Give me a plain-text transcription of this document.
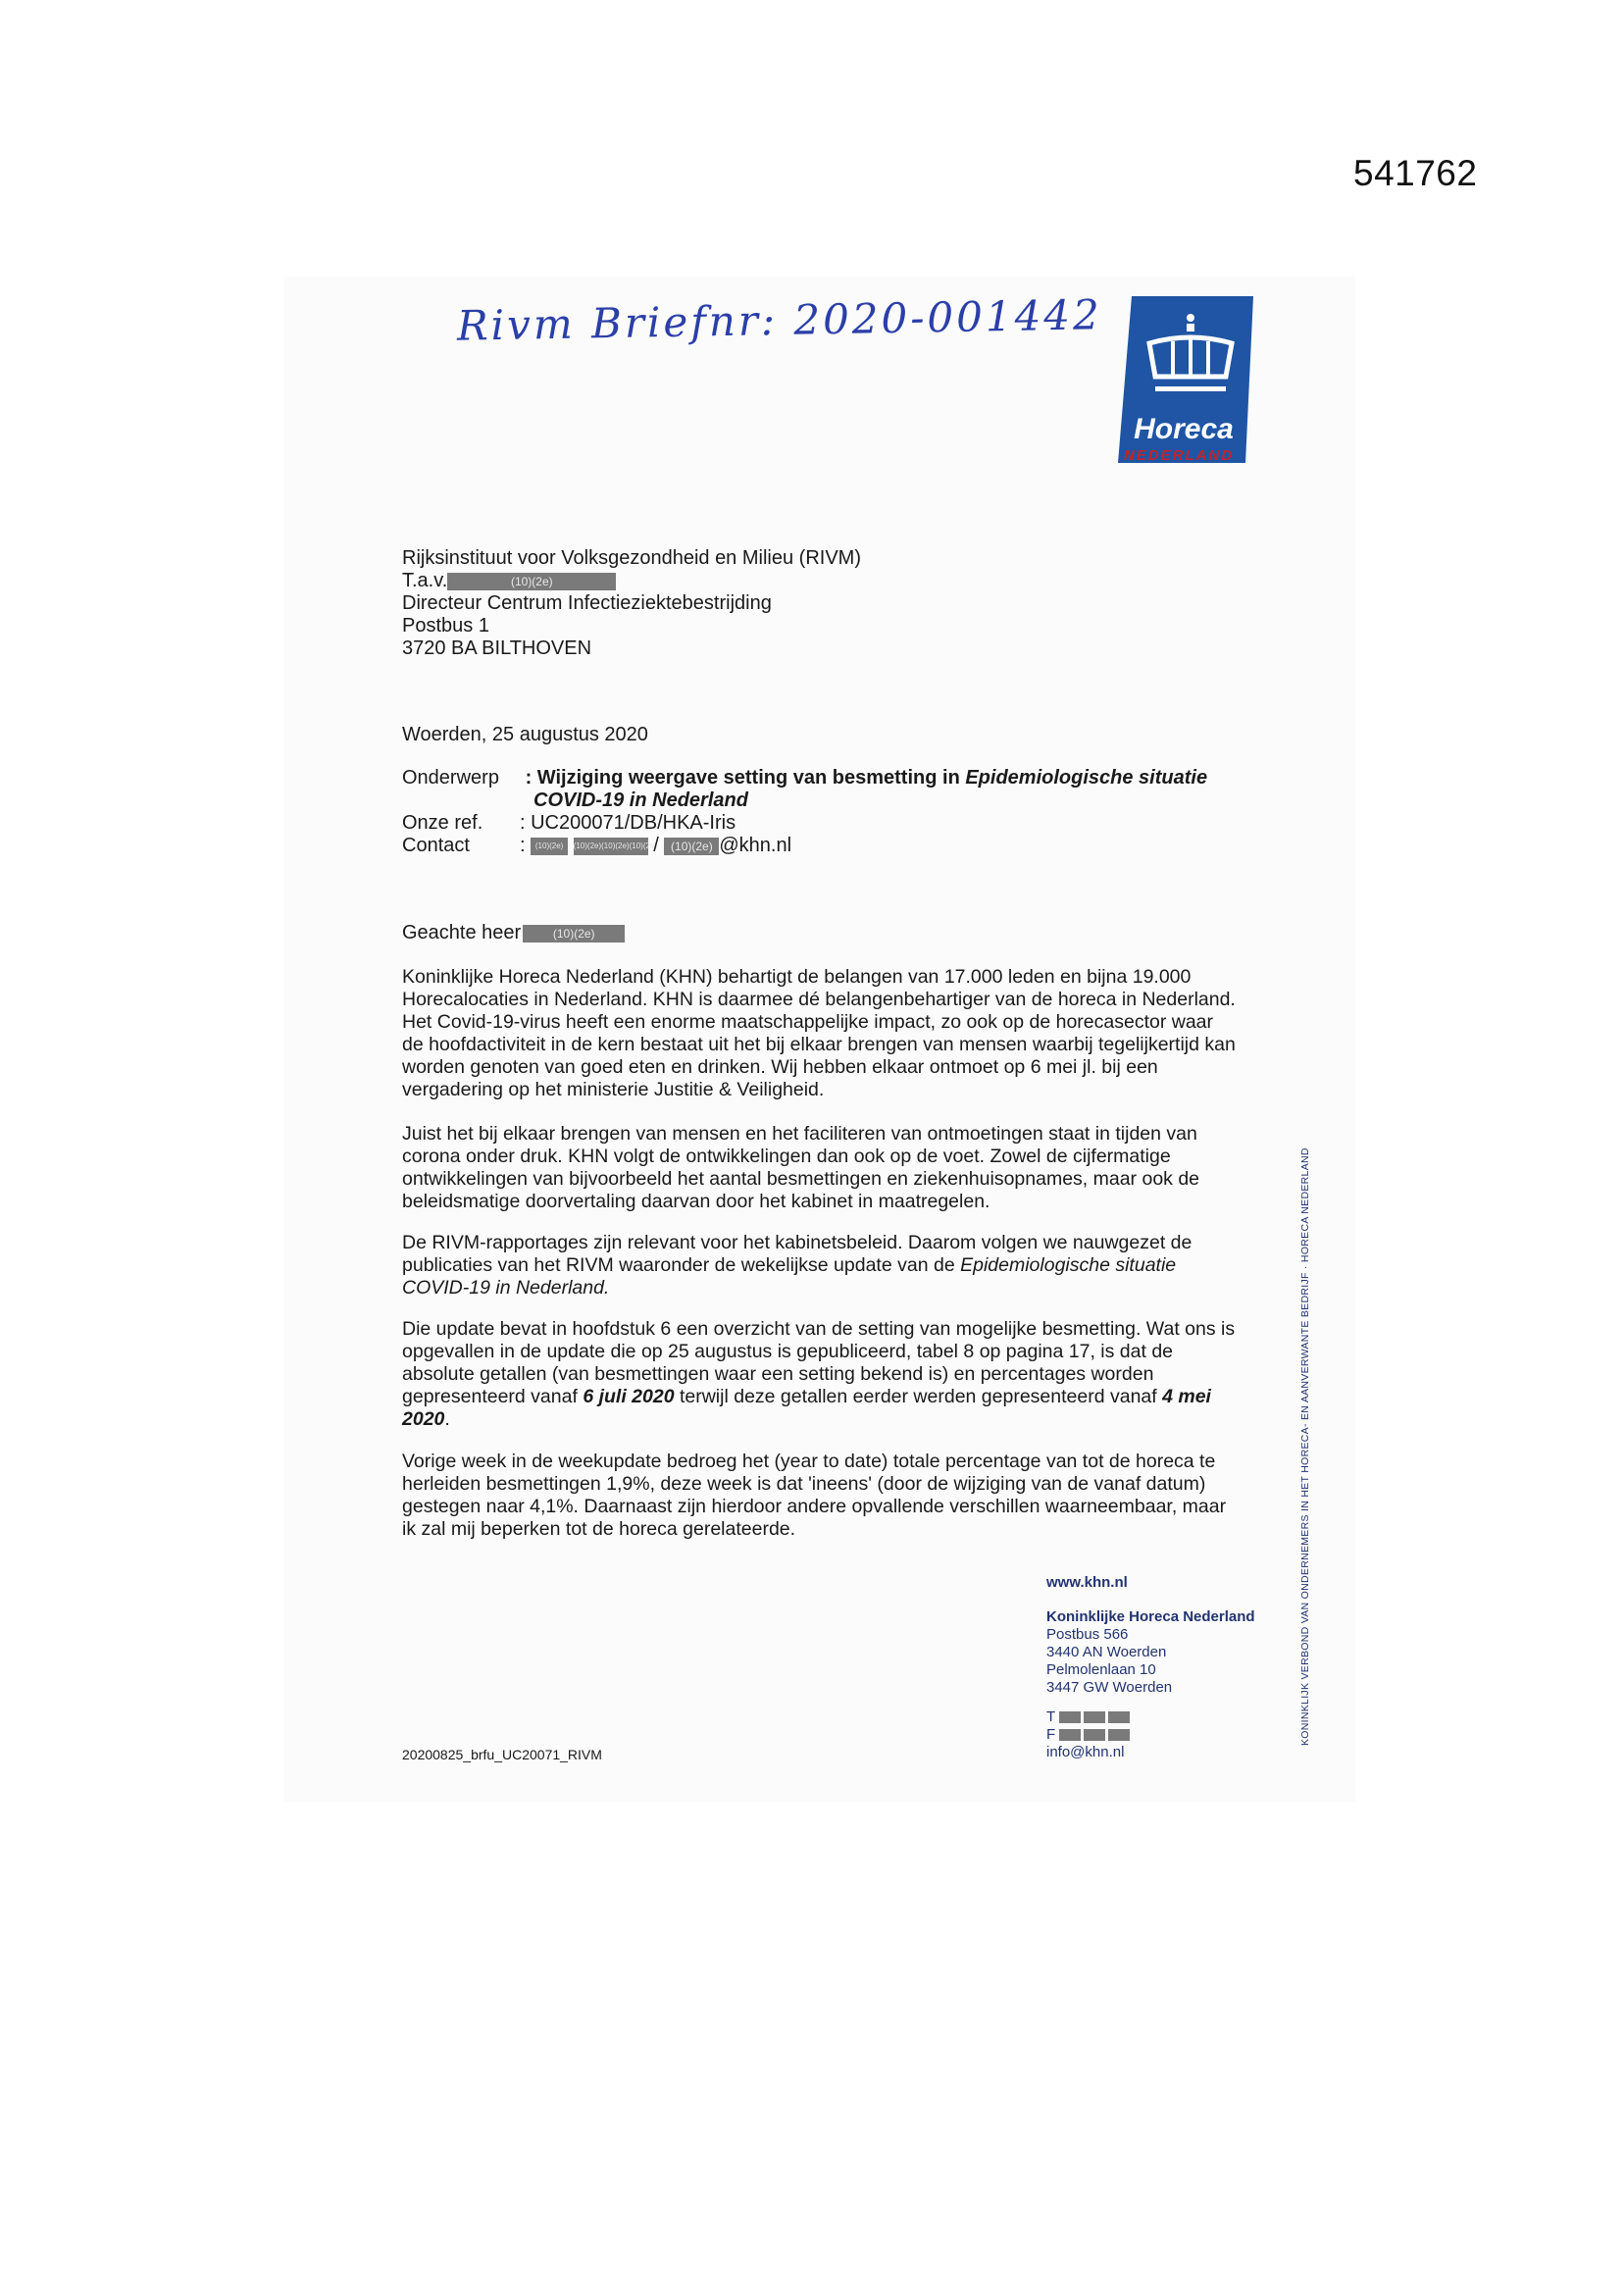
541762
Rivm Briefnr: 2020-001442
Horeca
NEDERLAND
Rijksinstituut voor Volksgezondheid en Milieu (RIVM)
T.a.v.	(10)(2e)
Directeur Centrum Infectieziektebestrijding
Postbus 1
3720 BA BILTHOVEN
Woerden, 25 augustus 2020
Onderwerp : Wijziging weergave setting van besmetting in Epidemiologische situatie
COVID-19 in Nederland
Onze ref. : UC200071/DB/HKA-Iris
Contact	: (10)(2e) (10)(2e)(10)(2e)(10)(2e) / (10)(2e) @khn.nl
Geachte heer	(10)(2e)
Koninklijke Horeca Nederland (KHN) behartigt de belangen van 17.000 leden en bijna 19.000 Horecalocaties in Nederland. KHN is daarmee dé belangenbehartiger van de horeca in Nederland. Het Covid-19-virus heeft een enorme maatschappelijke impact, zo ook op de horecasector waar de hoofdactiviteit in de kern bestaat uit het bij elkaar brengen van mensen waarbij tegelijkertijd kan worden genoten van goed eten en drinken. Wij hebben elkaar ontmoet op 6 mei jl. bij een vergadering op het ministerie Justitie & Veiligheid.
Juist het bij elkaar brengen van mensen en het faciliteren van ontmoetingen staat in tijden van corona onder druk. KHN volgt de ontwikkelingen dan ook op de voet. Zowel de cijfermatige ontwikkelingen van bijvoorbeeld het aantal besmettingen en ziekenhuisopnames, maar ook de beleidsmatige doorvertaling daarvan door het kabinet in maatregelen.
De RIVM-rapportages zijn relevant voor het kabinetsbeleid. Daarom volgen we nauwgezet de publicaties van het RIVM waaronder de wekelijkse update van de Epidemiologische situatie COVID-19 in Nederland.
Die update bevat in hoofdstuk 6 een overzicht van de setting van mogelijke besmetting. Wat ons is opgevallen in de update die op 25 augustus is gepubliceerd, tabel 8 op pagina 17, is dat de absolute getallen (van besmettingen waar een setting bekend is) en percentages worden gepresenteerd vanaf 6 juli 2020 terwijl deze getallen eerder werden gepresenteerd vanaf 4 mei 2020.
Vorige week in de weekupdate bedroeg het (year to date) totale percentage van tot de horeca te herleiden besmettingen 1,9%, deze week is dat 'ineens' (door de wijziging van de vanaf datum) gestegen naar 4,1%. Daarnaast zijn hierdoor andere opvallende verschillen waarneembaar, maar ik zal mij beperken tot de horeca gerelateerde.
www.khn.nl
Koninklijke Horeca Nederland
Postbus 566
3440 AN Woerden
Pelmolenlaan 10
3447 GW Woerden
T
F
info@khn.nl
20200825_brfu_UC20071_RIVM
KONINKLIJK VERBOND VAN ONDERNEMERS IN HET HORECA- EN AANVERWANTE BEDRIJF · HORECA NEDERLAND
